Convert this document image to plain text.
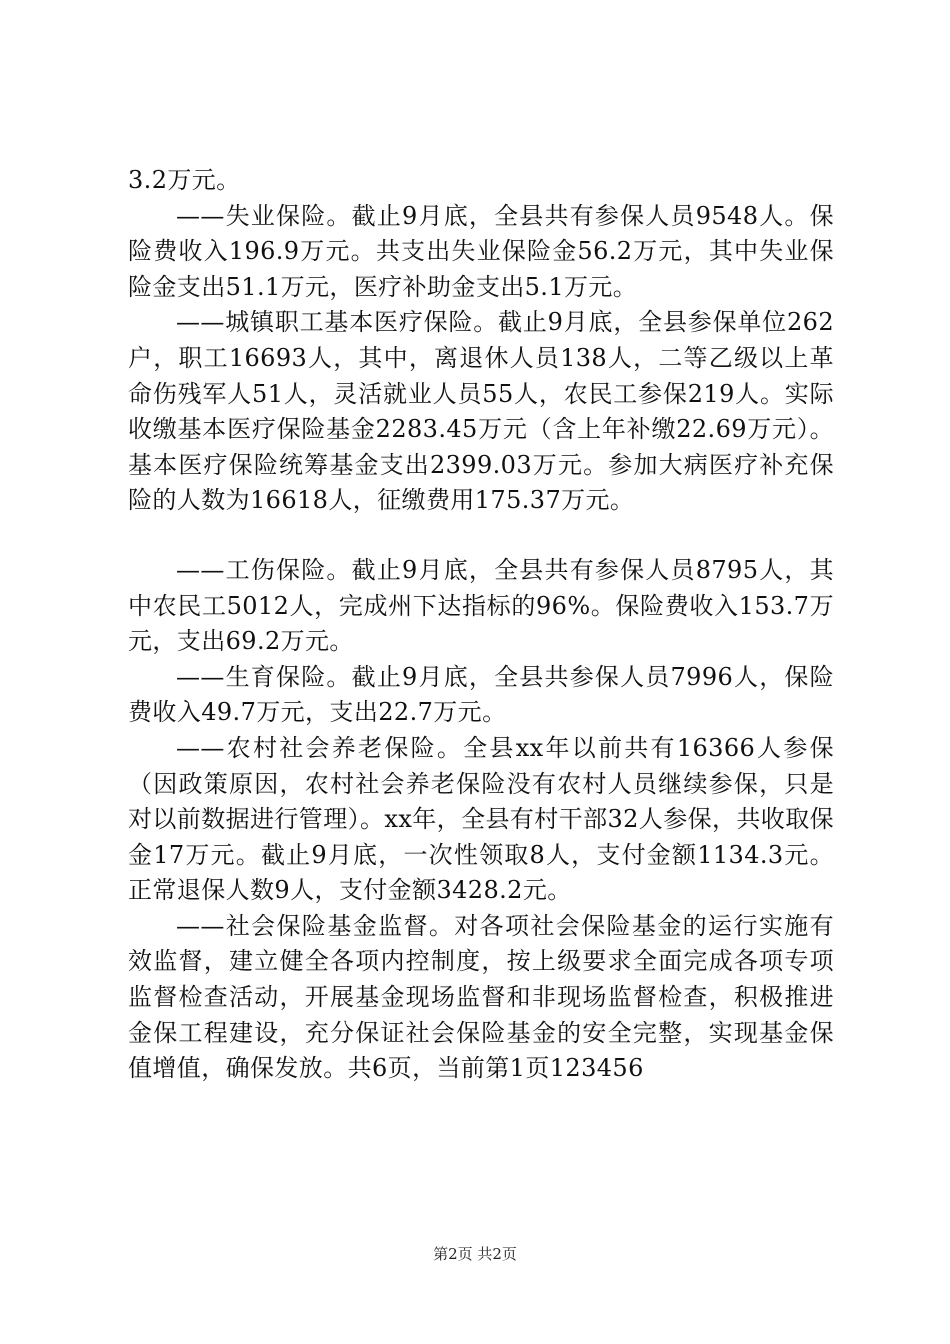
3.2万元。

——失业保险。截止9月底，全县共有参保人员9548人。保险费收入196.9万元。共支出失业保险金56.2万元，其中失业保险金支出51.1万元，医疗补助金支出5.1万元。

——城镇职工基本医疗保险。截止9月底，全县参保单位262户，职工16693人，其中，离退休人员138人，二等乙级以上革命伤残军人51人，灵活就业人员55人，农民工参保219人。实际收缴基本医疗保险基金2283.45万元（含上年补缴22.69万元）。基本医疗保险统筹基金支出2399.03万元。参加大病医疗补充保险的人数为16618人，征缴费用175.37万元。

——工伤保险。截止9月底，全县共有参保人员8795人，其中农民工5012人，完成州下达指标的96%。保险费收入153.7万元，支出69.2万元。

——生育保险。截止9月底，全县共参保人员7996人，保险费收入49.7万元，支出22.7万元。

——农村社会养老保险。全县xx年以前共有16366人参保（因政策原因，农村社会养老保险没有农村人员继续参保，只是对以前数据进行管理）。xx年，全县有村干部32人参保，共收取保金17万元。截止9月底，一次性领取8人，支付金额1134.3元。正常退保人数9人，支付金额3428.2元。

——社会保险基金监督。对各项社会保险基金的运行实施有效监督，建立健全各项内控制度，按上级要求全面完成各项专项监督检查活动，开展基金现场监督和非现场监督检查，积极推进金保工程建设，充分保证社会保险基金的安全完整，实现基金保值增值，确保发放。共6页，当前第1页123456

第2页 共2页
